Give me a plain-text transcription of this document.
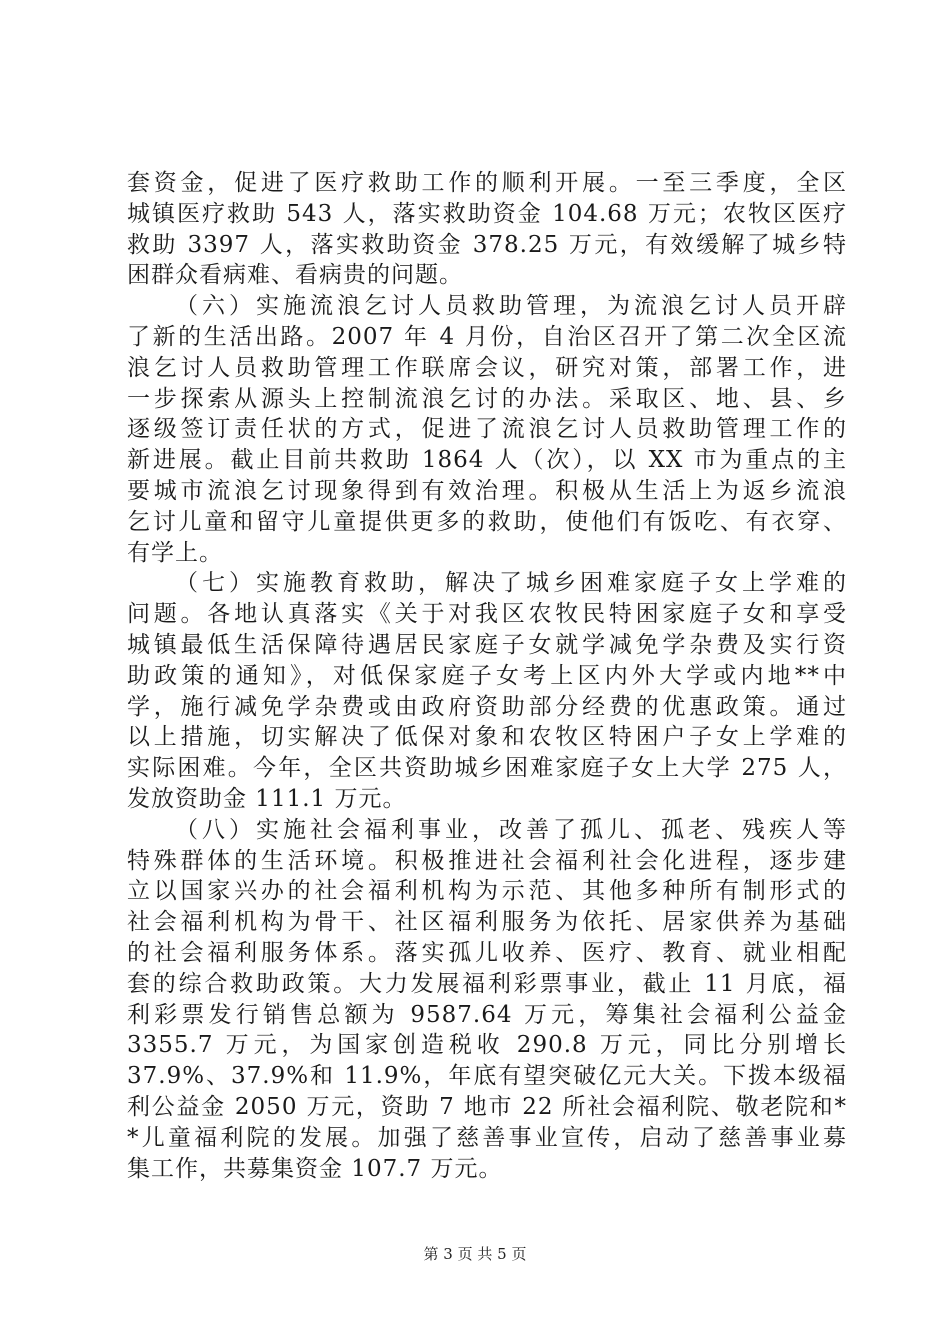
套资金，促进了医疗救助工作的顺利开展。一至三季度，全区
城镇医疗救助 543 人，落实救助资金 104.68 万元；农牧区医疗
救助 3397 人，落实救助资金 378.25 万元，有效缓解了城乡特
困群众看病难、看病贵的问题。
（六）实施流浪乞讨人员救助管理，为流浪乞讨人员开辟
了新的生活出路。2007 年 4 月份，自治区召开了第二次全区流
浪乞讨人员救助管理工作联席会议，研究对策，部署工作，进
一步探索从源头上控制流浪乞讨的办法。采取区、地、县、乡
逐级签订责任状的方式，促进了流浪乞讨人员救助管理工作的
新进展。截止目前共救助 1864 人（次），以 XX 市为重点的主
要城市流浪乞讨现象得到有效治理。积极从生活上为返乡流浪
乞讨儿童和留守儿童提供更多的救助，使他们有饭吃、有衣穿、
有学上。
（七）实施教育救助，解决了城乡困难家庭子女上学难的
问题。各地认真落实《关于对我区农牧民特困家庭子女和享受
城镇最低生活保障待遇居民家庭子女就学减免学杂费及实行资
助政策的通知》，对低保家庭子女考上区内外大学或内地**中
学，施行减免学杂费或由政府资助部分经费的优惠政策。通过
以上措施，切实解决了低保对象和农牧区特困户子女上学难的
实际困难。今年，全区共资助城乡困难家庭子女上大学 275 人，
发放资助金 111.1 万元。
（八）实施社会福利事业，改善了孤儿、孤老、残疾人等
特殊群体的生活环境。积极推进社会福利社会化进程，逐步建
立以国家兴办的社会福利机构为示范、其他多种所有制形式的
社会福利机构为骨干、社区福利服务为依托、居家供养为基础
的社会福利服务体系。落实孤儿收养、医疗、教育、就业相配
套的综合救助政策。大力发展福利彩票事业，截止 11 月底，福
利彩票发行销售总额为 9587.64 万元，筹集社会福利公益金
3355.7 万元，为国家创造税收 290.8 万元，同比分别增长
37.9%、37.9%和 11.9%，年底有望突破亿元大关。下拨本级福
利公益金 2050 万元，资助 7 地市 22 所社会福利院、敬老院和*
*儿童福利院的发展。加强了慈善事业宣传，启动了慈善事业募
集工作，共募集资金 107.7 万元。
第 3 页 共 5 页
